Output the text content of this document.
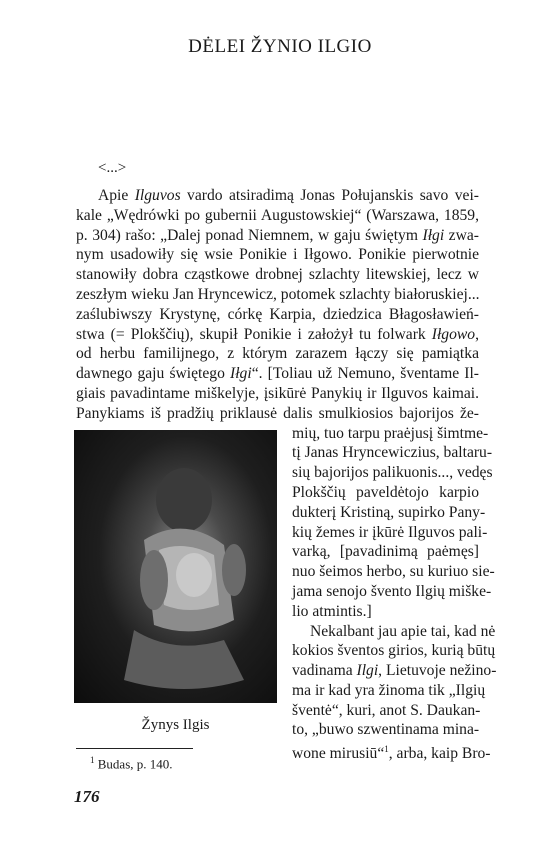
DĖLEI ŽYNIO ILGIO
<...>
Apie Ilguvos vardo atsiradimą Jonas Połujanskis savo vei-
kale „Wędrówki po gubernii Augustowskiej“ (Warszawa, 1859,
p. 304) rašo: „Dalej ponad Niemnem, w gaju świętym Iłgi zwa-
nym usadowiły się wsie Ponikie i Iłgowo. Ponikie pierwotnie
stanowiły dobra cząstkowe drobnej szlachty litewskiej, lecz w
zeszłym wieku Jan Hryncewicz, potomek szlachty białoruskiej...
zaślubiwszy Krystynę, córkę Karpia, dziedzica Błagosławień-
stwa (= Plokščių), skupił Ponikie i założył tu folwark Iłgowo,
od herbu familijnego, z którym zarazem łączy się pamiątka
dawnego gaju świętego Iłgi“. [Toliau už Nemuno, šventame Il-
giais pavadintame miškelyje, įsikūrė Panykių ir Ilguvos kaimai.
Panykiams iš pradžių priklausė dalis smulkiosios bajorijos že-
mių, tuo tarpu praėjusį šimtme-
tį Janas Hryncewiczius, baltaru-
sių bajorijos palikuonis..., vedęs
Plokščių paveldėtojo karpio
dukterį Kristiną, supirko Pany-
kių žemes ir įkūrė Ilguvos pali-
varką, [pavadinimą paėmęs]
nuo šeimos herbo, su kuriuo sie-
jama senojo švento Ilgių miške-
lio atmintis.]
Nekalbant jau apie tai, kad nė
kokios šventos girios, kurią būtų
vadinama Ilgi, Lietuvoje nežino-
ma ir kad yra žinoma tik „Ilgių
šventė“, kuri, anot S. Daukan-
to, „buwo szwentinama mina-
wone mirusiū“$^1$, arba, kaip Bro-
Žynys Ilgis
$^1$ Budas, p. 140.
176
